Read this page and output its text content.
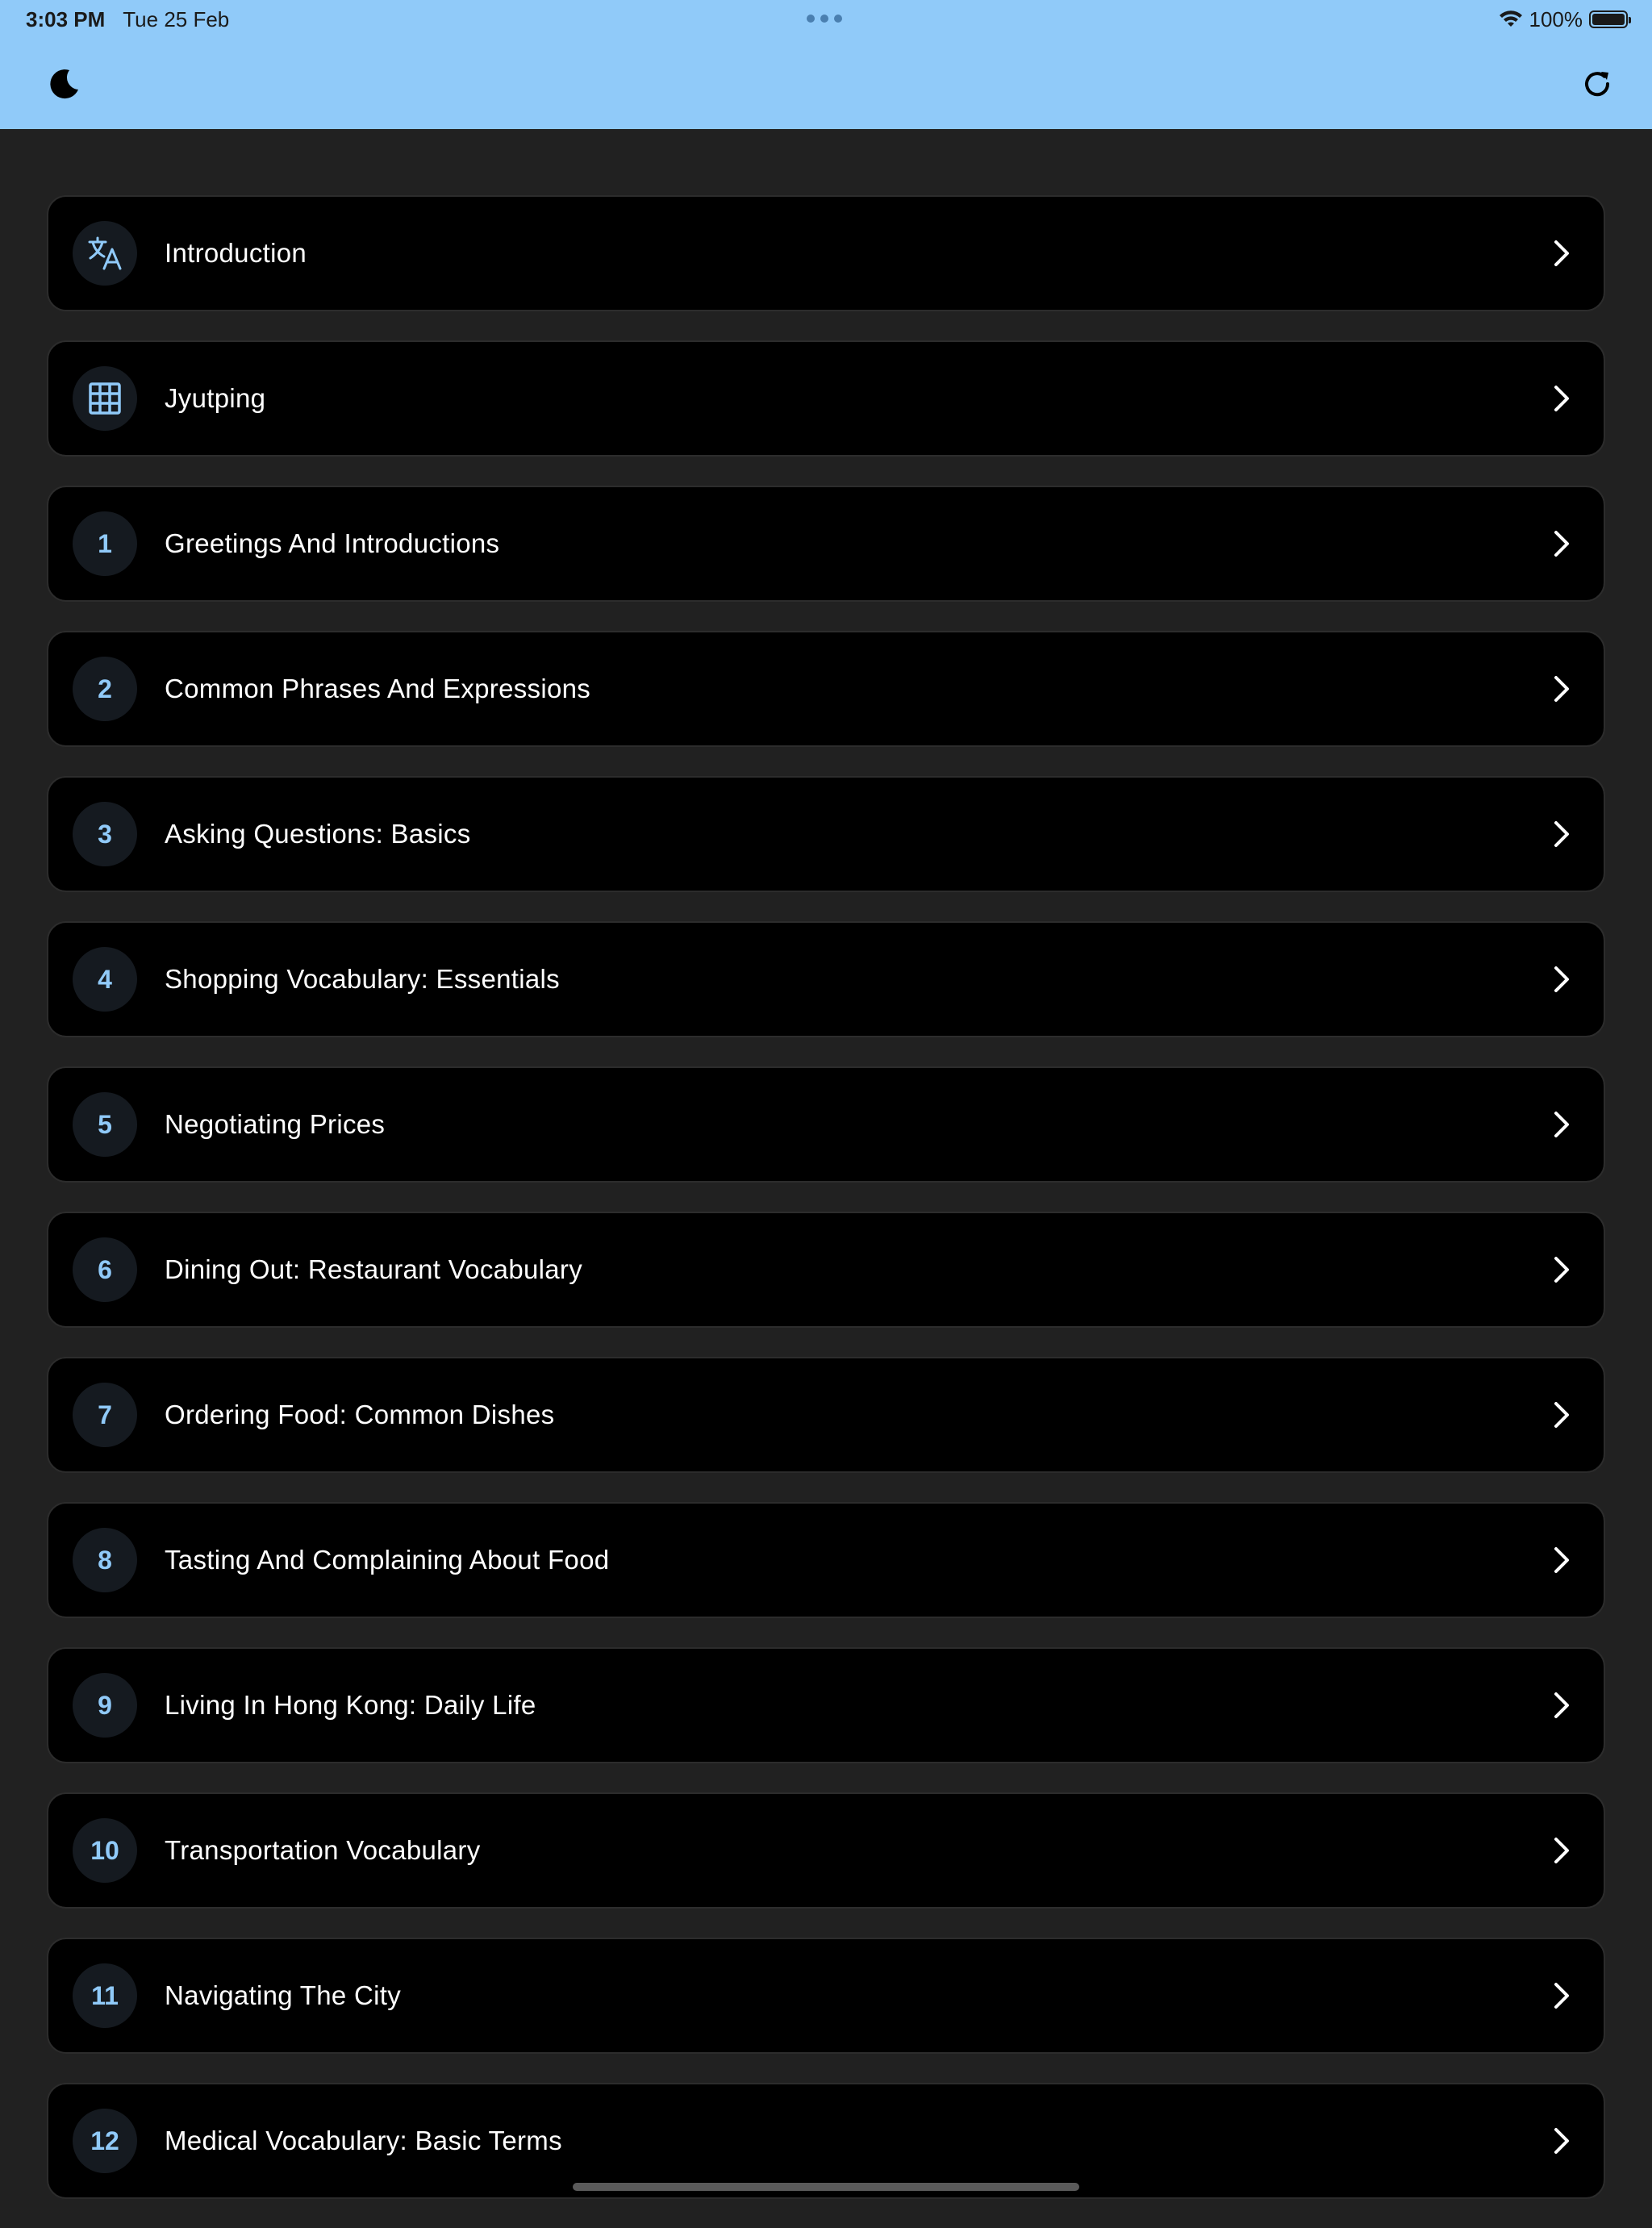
3:03 PM Tue 25 Feb	100%
Introduction
Jyutping
1	Greetings And Introductions
2	Common Phrases And Expressions
3	Asking Questions: Basics
4	Shopping Vocabulary: Essentials
5	Negotiating Prices
6	Dining Out: Restaurant Vocabulary
7	Ordering Food: Common Dishes
8	Tasting And Complaining About Food
9	Living In Hong Kong: Daily Life
10	Transportation Vocabulary
11	Navigating The City
12	Medical Vocabulary: Basic Terms
